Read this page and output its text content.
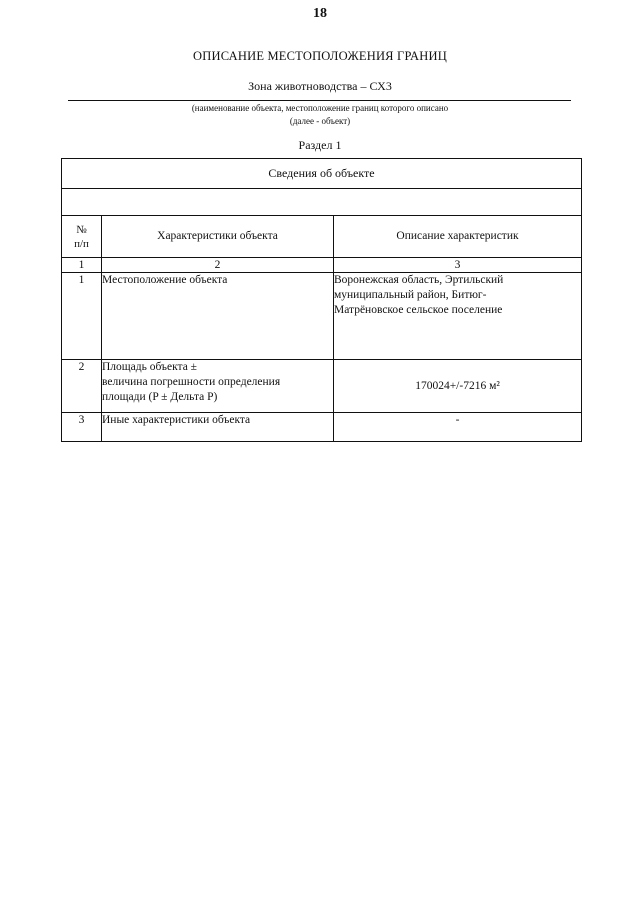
18
ОПИСАНИЕ МЕСТОПОЛОЖЕНИЯ ГРАНИЦ
Зона животноводства – СХ3
(наименование объекта, местоположение границ которого описано
(далее - объект)
Раздел 1
Сведения об объекте		

№
п/п	Характеристики объекта	Описание характеристик
1	2	3
1	Местоположение объекта	Воронежская область, Эртильский
муниципальный район, Битюг-
Матрёновское сельское поселение

2	Площадь объекта ±
величина погрешности определения
площади (P ± Дельта P)	170024+/-7216 м²
3	Иные характеристики объекта	-
